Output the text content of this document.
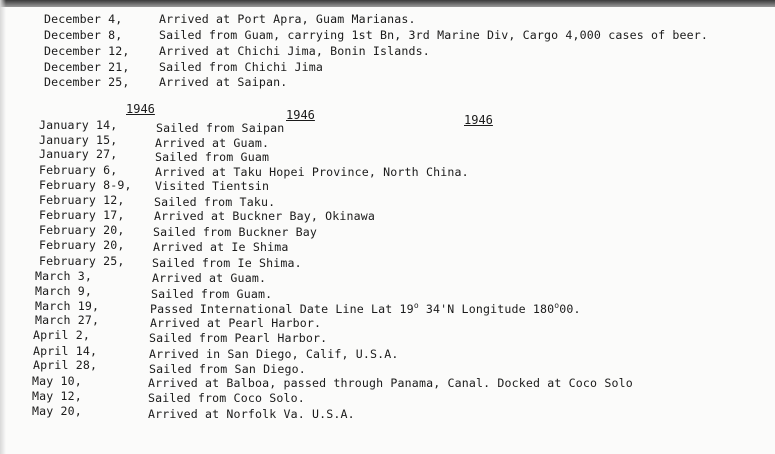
December 4,	Arrived at Port Apra, Guam Marianas.
December 8,	Sailed from Guam, carrying 1st Bn, 3rd Marine Div, Cargo 4,000 cases of beer.
December 12,	Arrived at Chichi Jima, Bonin Islands.
December 21,	Sailed from Chichi Jima
December 25,	Arrived at Saipan.
1946	1946	1946
January 14,	Sailed from Saipan
January 15,	Arrived at Guam.
January 27,	Sailed from Guam
February 6,	Arrived at Taku Hopei Province, North China.
February 8-9, Visited Tientsin
February 12,	Sailed from Taku.
February 17,	Arrived at Buckner Bay, Okinawa
February 20, Sailed from Buckner Bay
February 20, Arrived at Ie Shima
February 25, Sailed from Ie Shima.
March 3,	Arrived at Guam.
March 9,	Sailed from Guam.
March 19,	Passed International Date Line Lat 19$^o$ 34'N Longitude 180$^o$00.
March 27,	Arrived at Pearl Harbor.
April 2,	Sailed from Pearl Harbor.
April 14,	Arrived in San Diego, Calif, U.S.A.
April 28,	Sailed from San Diego.
May 10,	Arrived at Balboa, passed through Panama, Canal. Docked at Coco Solo
May 12,	Sailed from Coco Solo.
May 20,	Arrived at Norfolk Va. U.S.A.
